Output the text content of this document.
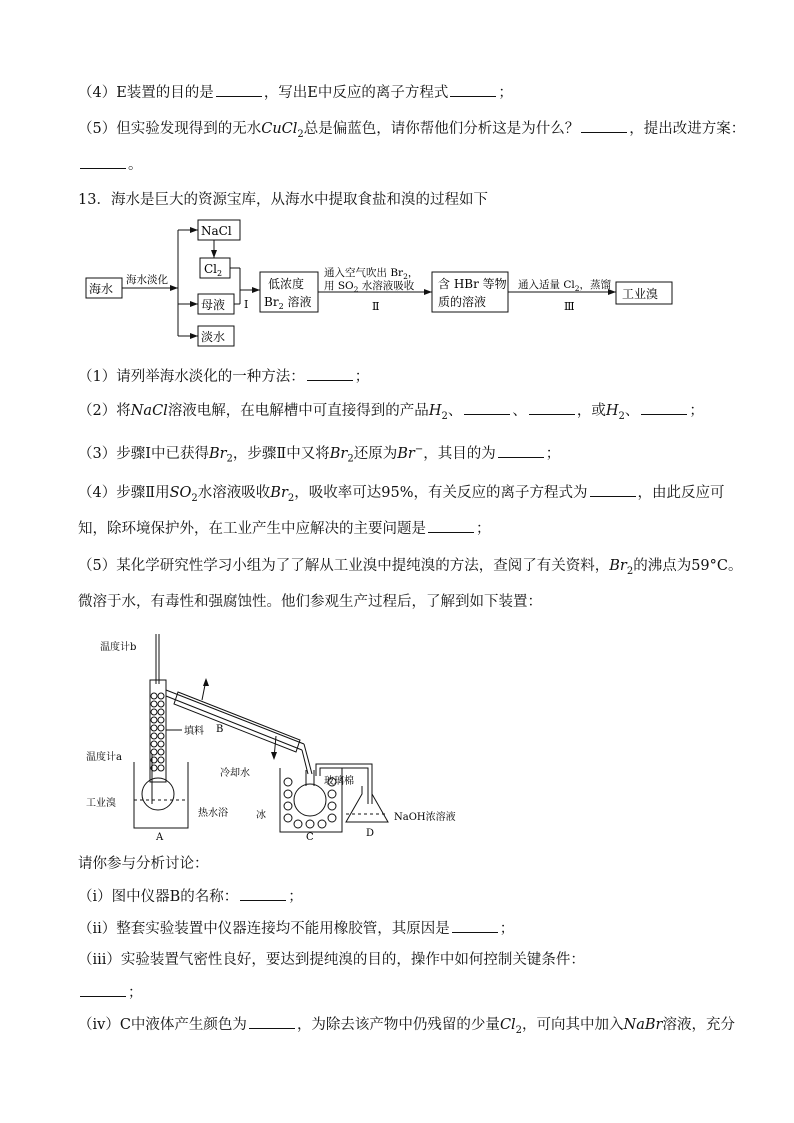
（4）E装置的目的是	，写出E中反应的离子方程式	；
（5）但实验发现得到的无水CuCl$_2$总是偏蓝色，请你帮他们分析这是为什么？	，提出改进方案：
。
13．海水是巨大的资源宝库，从海水中提取食盐和溴的过程如下
海水
海水淡化
NaCl
$Cl_2$
母液
淡水
Ⅰ
低浓度
$Br_2$ 溶液
通入空气吹出 $Br_2$，
用 $SO_2$ 水溶液吸收
Ⅱ
含 HBr 等物
质的溶液
通入适量 $Cl_2$，蒸馏
Ⅲ
工业溴
（1）请列举海水淡化的一种方法：	；
（2）将NaCl溶液电解，在电解槽中可直接得到的产品$H_2$、	、	，或$H_2$、	；
（3）步骤Ⅰ中已获得$Br_2$，步骤Ⅱ中又将$Br_2$还原为Br−，其目的为	；
（4）步骤Ⅱ用$SO_2$水溶液吸收$Br_2$，吸收率可达95%，有关反应的离子方程式为	，由此反应可
知，除环境保护外，在工业产生中应解决的主要问题是	；
（5）某化学研究性学习小组为了了解从工业溴中提纯溴的方法，查阅了有关资料，$Br_2$的沸点为59°C。
微溶于水，有毒性和强腐蚀性。他们参观生产过程后，了解到如下装置：
温度计b
填料 B
冷却水
温度计a
工业溴
热水浴	冰
玻璃棉
NaOH浓溶液
A	C	D
请你参与分析讨论：
（i）图中仪器B的名称：	；
（ii）整套实验装置中仪器连接均不能用橡胶管，其原因是	；
（iii）实验装置气密性良好，要达到提纯溴的目的，操作中如何控制关键条件：
；
（iv）C中液体产生颜色为	，为除去该产物中仍残留的少量$Cl_2$，可向其中加入NaBr溶液，充分
